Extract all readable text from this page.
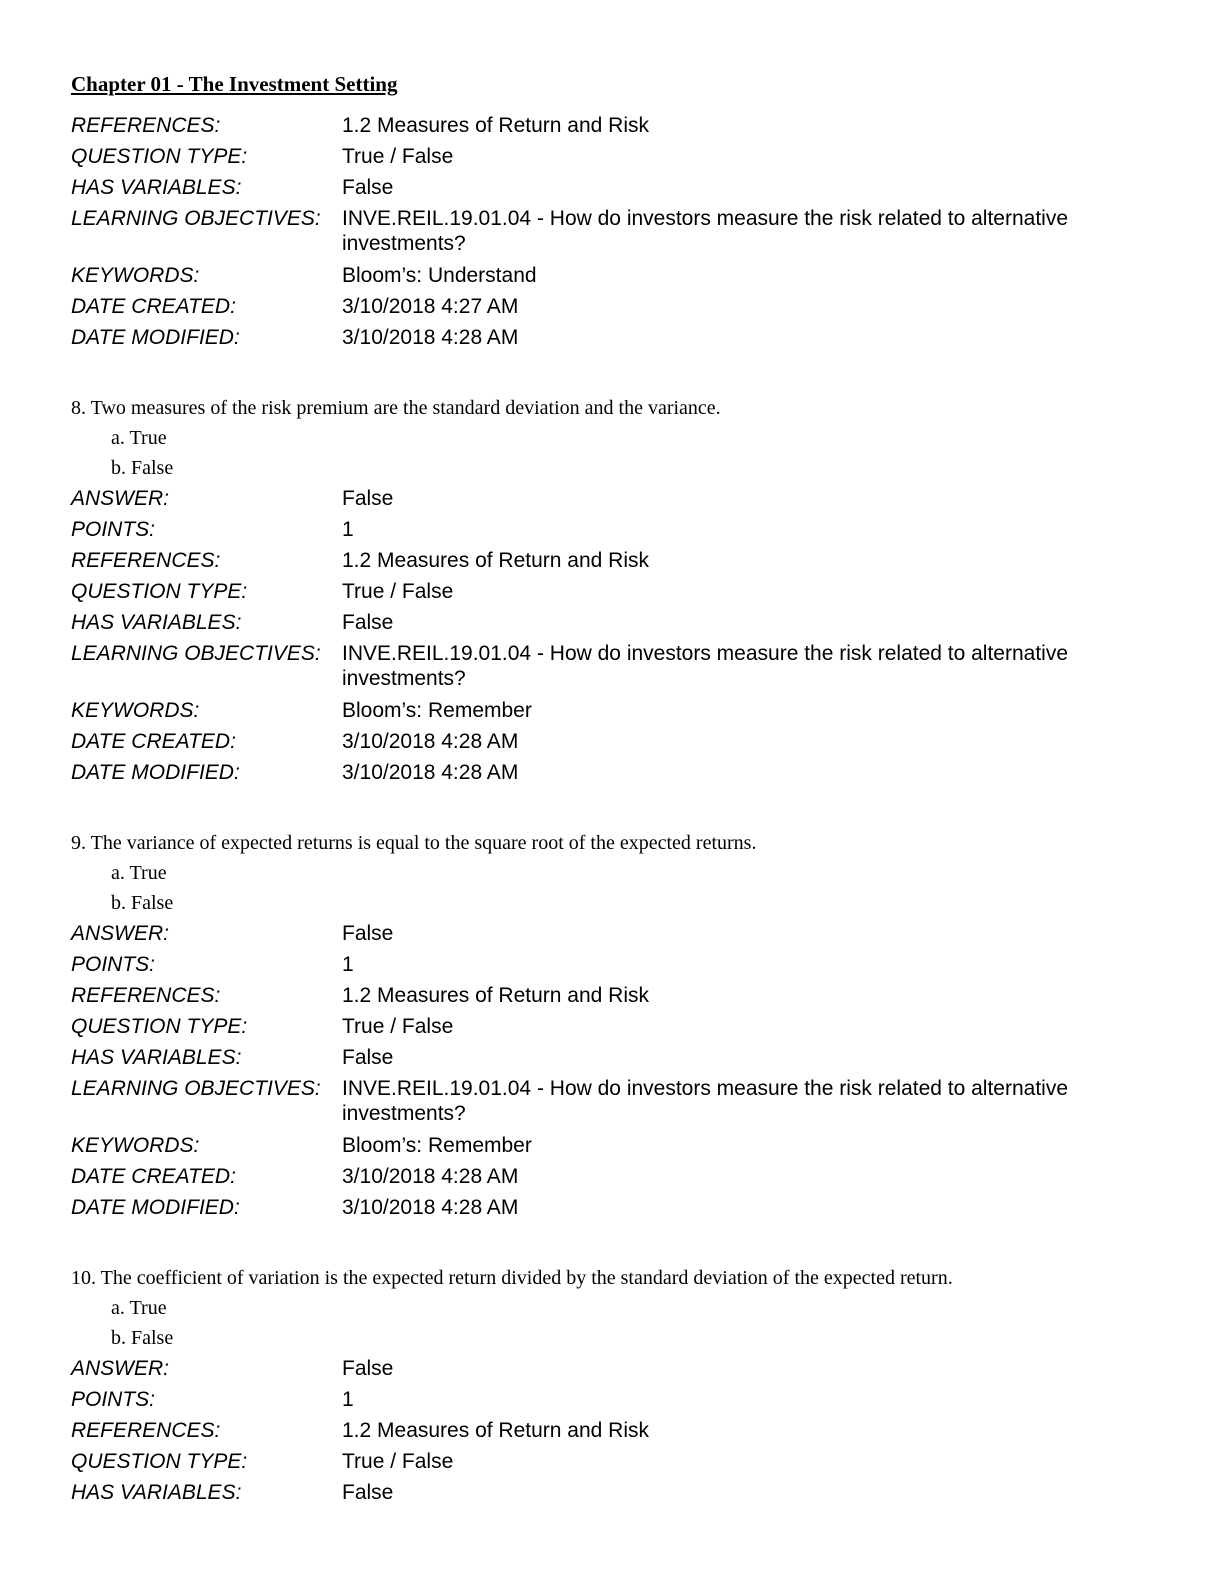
Chapter 01 - The Investment Setting
REFERENCES:	1.2 Measures of Return and Risk
QUESTION TYPE:	True / False
HAS VARIABLES:	False
LEARNING OBJECTIVES:	INVE.REIL.19.01.04 - How do investors measure the risk related to alternative investments?
KEYWORDS:	Bloom’s: Understand
DATE CREATED:	3/10/2018 4:27 AM
DATE MODIFIED:	3/10/2018 4:28 AM
8. Two measures of the risk premium are the standard deviation and the variance.
a. True
b. False
ANSWER:	False
POINTS:	1
REFERENCES:	1.2 Measures of Return and Risk
QUESTION TYPE:	True / False
HAS VARIABLES:	False
LEARNING OBJECTIVES:	INVE.REIL.19.01.04 - How do investors measure the risk related to alternative investments?
KEYWORDS:	Bloom’s: Remember
DATE CREATED:	3/10/2018 4:28 AM
DATE MODIFIED:	3/10/2018 4:28 AM
9. The variance of expected returns is equal to the square root of the expected returns.
a. True
b. False
ANSWER:	False
POINTS:	1
REFERENCES:	1.2 Measures of Return and Risk
QUESTION TYPE:	True / False
HAS VARIABLES:	False
LEARNING OBJECTIVES:	INVE.REIL.19.01.04 - How do investors measure the risk related to alternative investments?
KEYWORDS:	Bloom’s: Remember
DATE CREATED:	3/10/2018 4:28 AM
DATE MODIFIED:	3/10/2018 4:28 AM
10. The coefficient of variation is the expected return divided by the standard deviation of the expected return.
a. True
b. False
ANSWER:	False
POINTS:	1
REFERENCES:	1.2 Measures of Return and Risk
QUESTION TYPE:	True / False
HAS VARIABLES:	False
